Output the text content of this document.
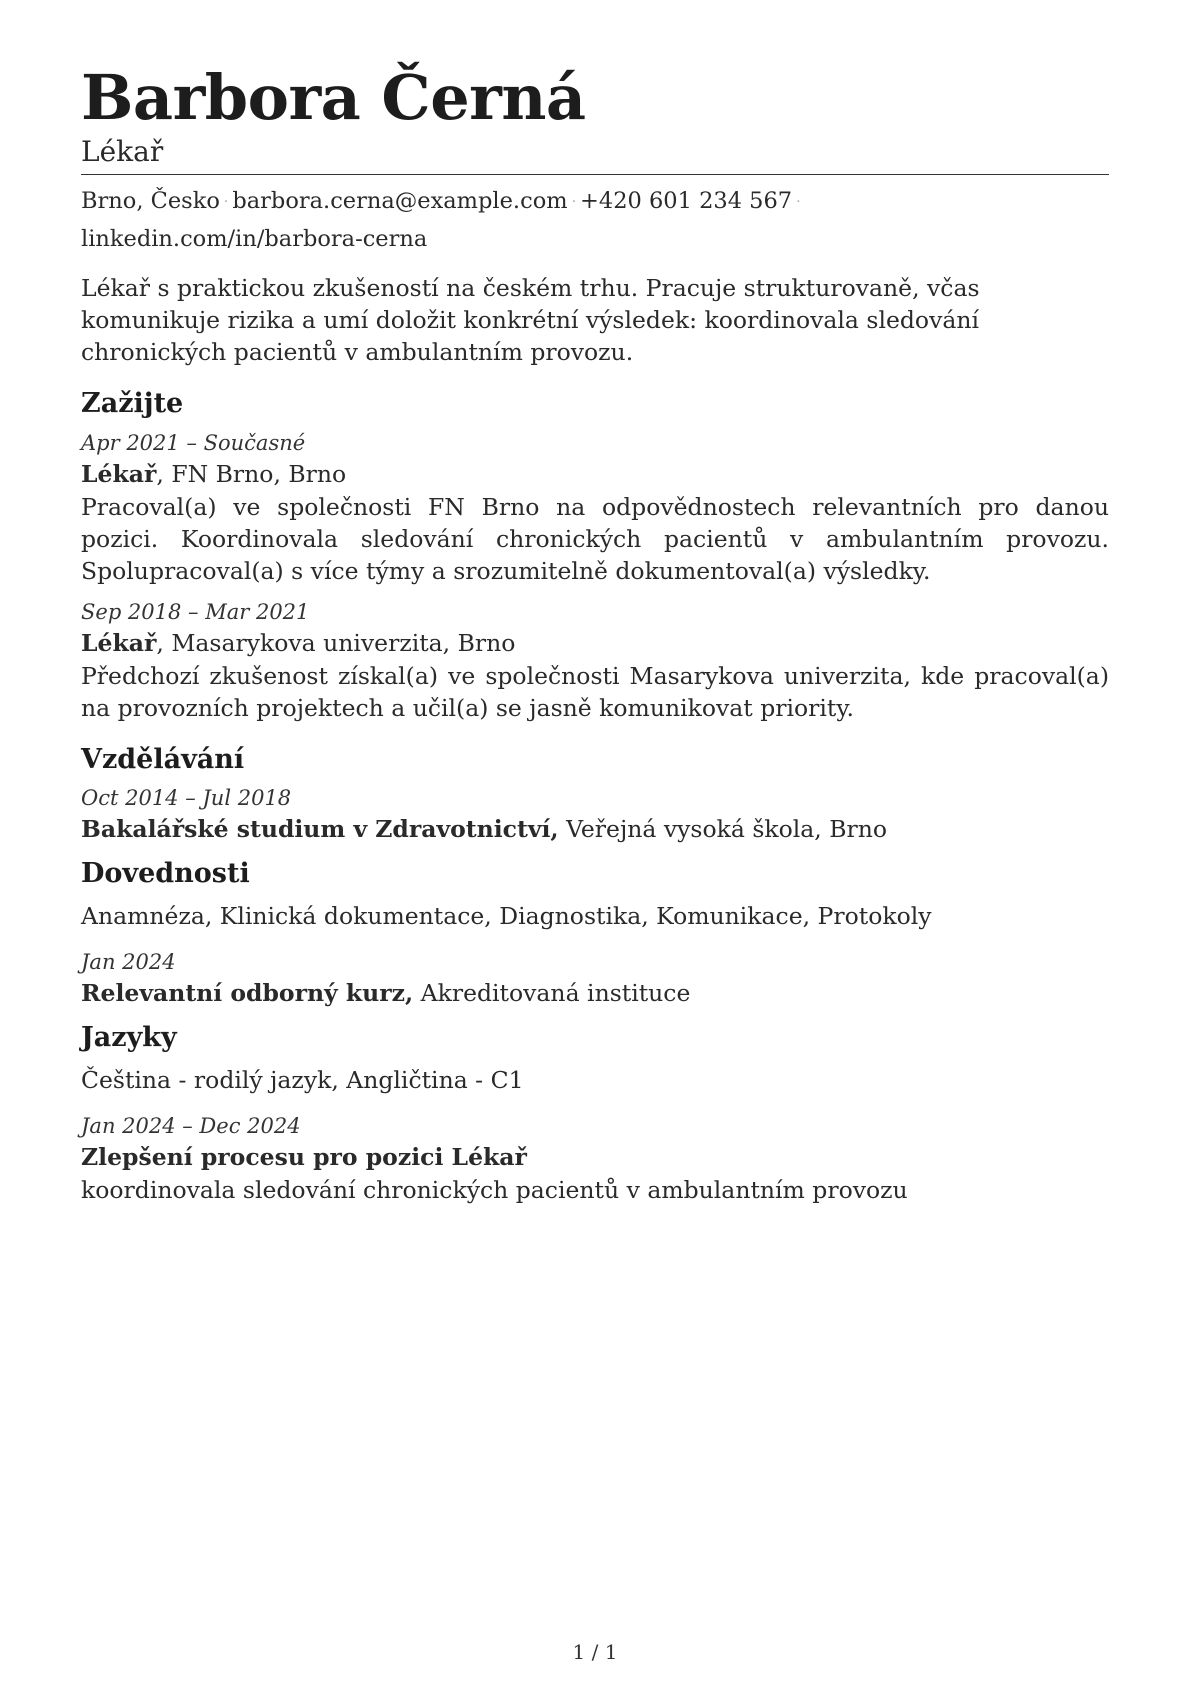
Barbora Černá
Lékař
Brno, Česko · barbora.cerna@example.com · +420 601 234 567 ·
linkedin.com/in/barbora-cerna

Lékař s praktickou zkušeností na českém trhu. Pracuje strukturovaně, včas komunikuje rizika a umí doložit konkrétní výsledek: koordinovala sledování chronických pacientů v ambulantním provozu.

Zažijte
Apr 2021 – Současné
Lékař, FN Brno, Brno
Pracoval(a) ve společnosti FN Brno na odpovědnostech relevantních pro danou pozici. Koordinovala sledování chronických pacientů v ambulantním provozu. Spolupracoval(a) s více týmy a srozumitelně dokumentoval(a) výsledky.
Sep 2018 – Mar 2021
Lékař, Masarykova univerzita, Brno
Předchozí zkušenost získal(a) ve společnosti Masarykova univerzita, kde pracoval(a) na provozních projektech a učil(a) se jasně komunikovat priority.
Vzdělávání
Oct 2014 – Jul 2018
Bakalářské studium v Zdravotnictví, Veřejná vysoká škola, Brno
Dovednosti
Anamnéza, Klinická dokumentace, Diagnostika, Komunikace, Protokoly
Jan 2024
Relevantní odborný kurz, Akreditovaná instituce
Jazyky
Čeština - rodilý jazyk, Angličtina - C1
Jan 2024 – Dec 2024
Zlepšení procesu pro pozici Lékař
koordinovala sledování chronických pacientů v ambulantním provozu
1 / 1
